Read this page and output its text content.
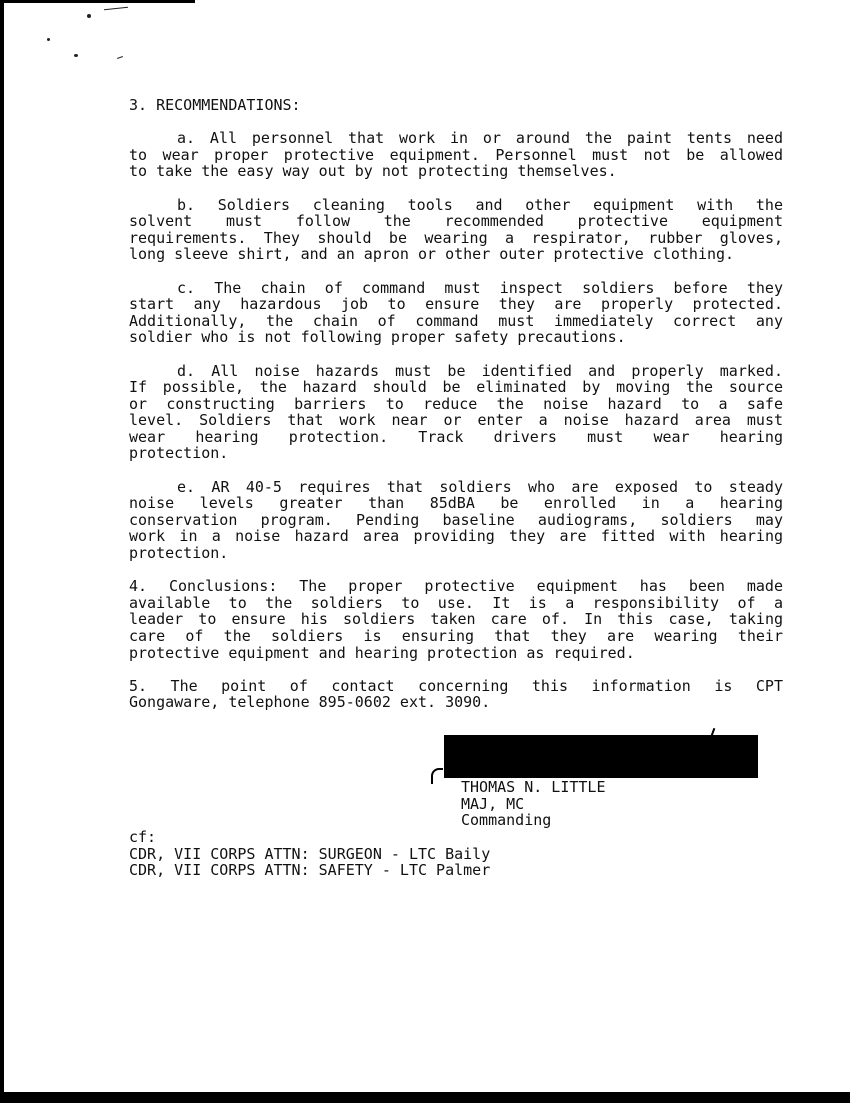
3. RECOMMENDATIONS:
a. All personnel that work in or around the paint tents need
to wear proper protective equipment. Personnel must not be allowed
to take the easy way out by not protecting themselves.
b. Soldiers cleaning tools and other equipment with the
solvent must follow the recommended protective equipment
requirements. They should be wearing a respirator, rubber gloves,
long sleeve shirt, and an apron or other outer protective clothing.
c. The chain of command must inspect soldiers before they
start any hazardous job to ensure they are properly protected.
Additionally, the chain of command must immediately correct any
soldier who is not following proper safety precautions.
d. All noise hazards must be identified and properly marked.
If possible, the hazard should be eliminated by moving the source
or constructing barriers to reduce the noise hazard to a safe
level. Soldiers that work near or enter a noise hazard area must
wear hearing protection. Track drivers must wear hearing
protection.
e. AR 40-5 requires that soldiers who are exposed to steady
noise levels greater than 85dBA be enrolled in a hearing
conservation program. Pending baseline audiograms, soldiers may
work in a noise hazard area providing they are fitted with hearing
protection.
4. Conclusions: The proper protective equipment has been made
available to the soldiers to use. It is a responsibility of a
leader to ensure his soldiers taken care of. In this case, taking
care of the soldiers is ensuring that they are wearing their
protective equipment and hearing protection as required.
5. The point of contact concerning this information is CPT
Gongaware, telephone 895-0602 ext. 3090.
THOMAS N. LITTLE
MAJ, MC
Commanding
cf:
CDR, VII CORPS ATTN: SURGEON - LTC Baily
CDR, VII CORPS ATTN: SAFETY - LTC Palmer
